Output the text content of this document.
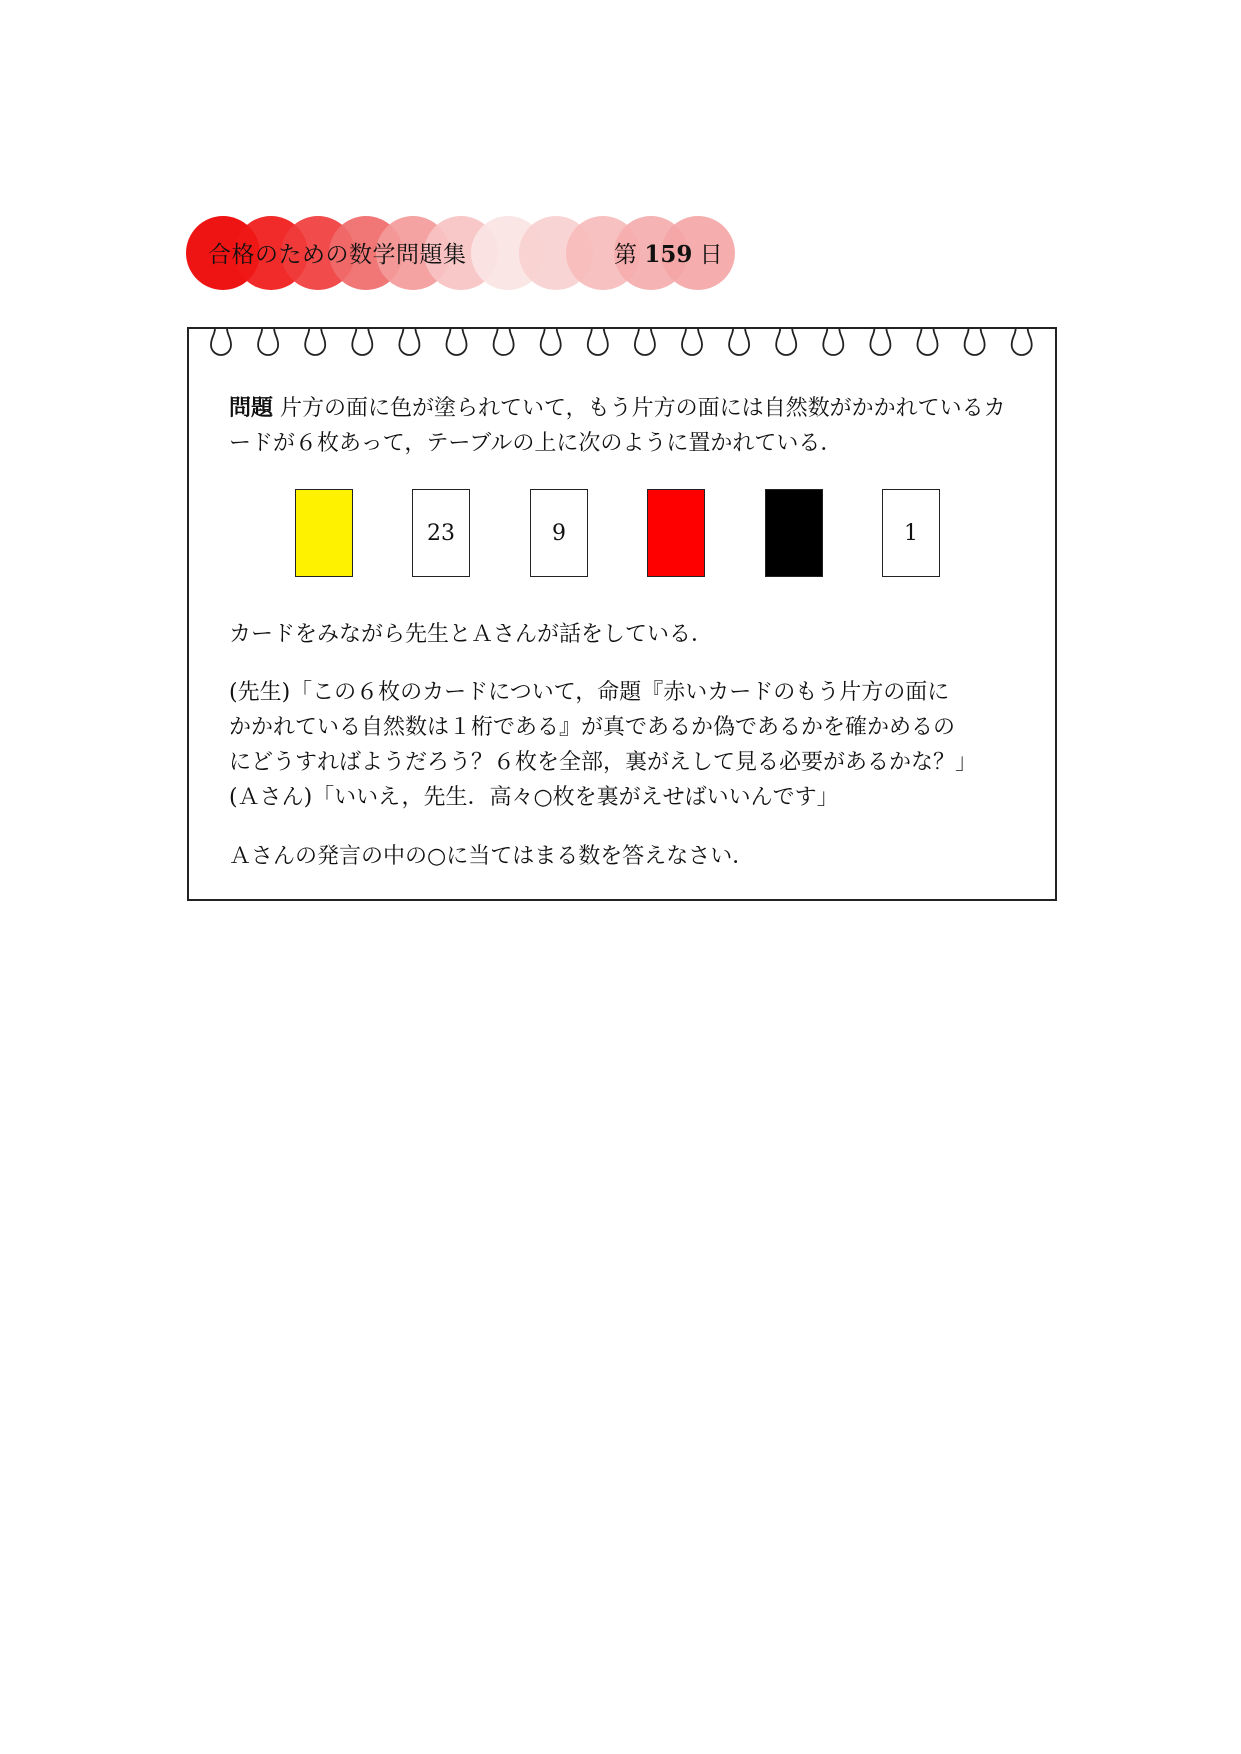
合格のための数学問題集	第 159 日
問題 片方の面に色が塗られていて，もう片方の面には自然数がかかれているカードが６枚あって，テーブルの上に次のように置かれている．
23	9	1
カードをみながら先生とＡさんが話をしている．
(先生)「この６枚のカードについて，命題『赤いカードのもう片方の面に
かかれている自然数は１桁である』が真であるか偽であるかを確かめるの
にどうすればようだろう？６枚を全部，裏がえして見る必要があるかな？」
(Ａさん)「いいえ，先生．高々○枚を裏がえせばいいんです」
Ａさんの発言の中の○に当てはまる数を答えなさい．
